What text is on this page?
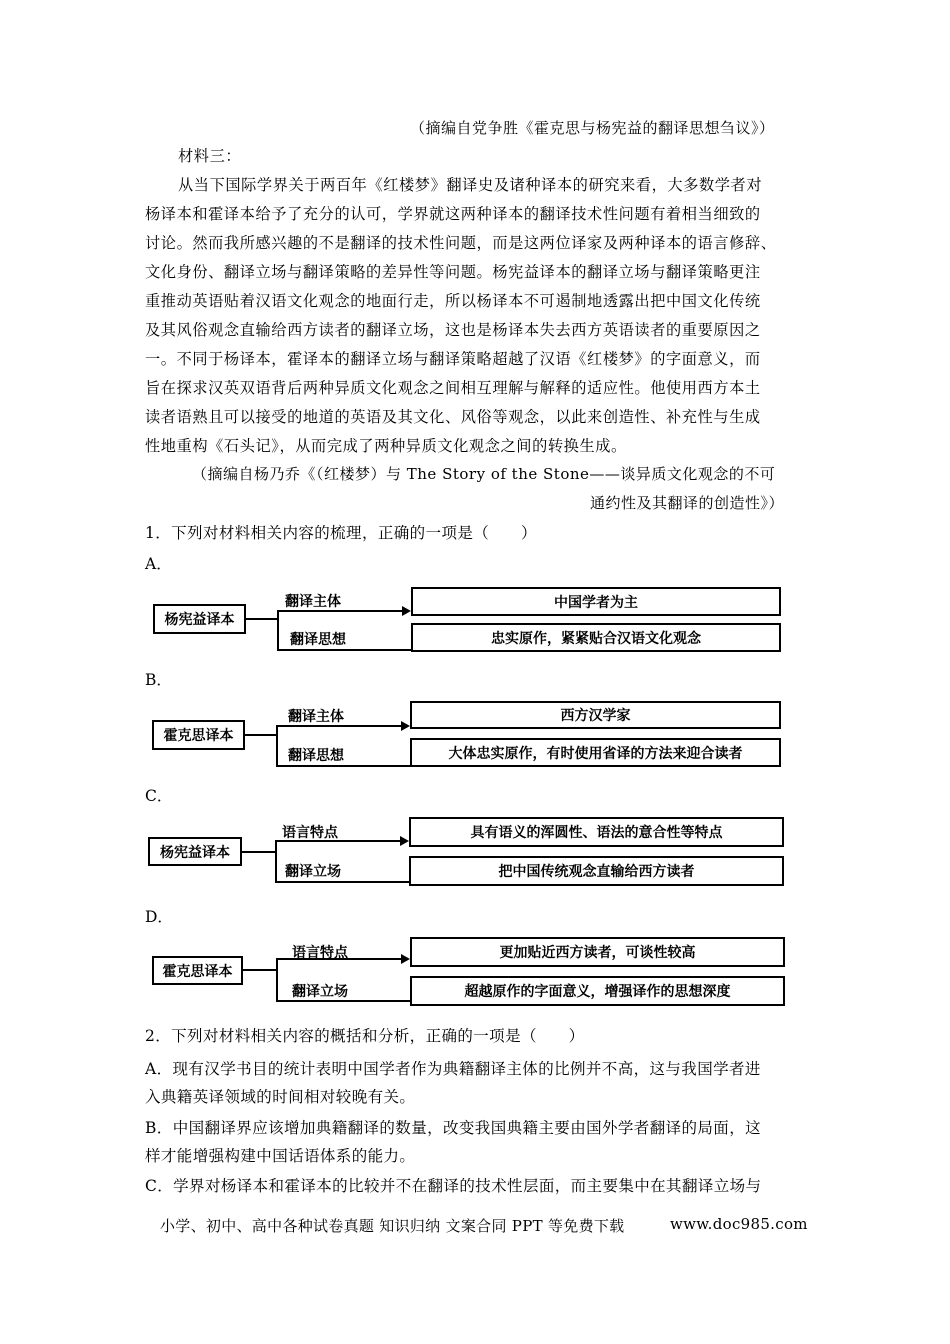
（摘编自党争胜《霍克思与杨宪益的翻译思想刍议》）
材料三：
从当下国际学界关于两百年《红楼梦》翻译史及诸种译本的研究来看，大多数学者对
杨译本和霍译本给予了充分的认可，学界就这两种译本的翻译技术性问题有着相当细致的
讨论。然而我所感兴趣的不是翻译的技术性问题，而是这两位译家及两种译本的语言修辞、
文化身份、翻译立场与翻译策略的差异性等问题。杨宪益译本的翻译立场与翻译策略更注
重推动英语贴着汉语文化观念的地面行走，所以杨译本不可遏制地透露出把中国文化传统
及其风俗观念直输给西方读者的翻译立场，这也是杨译本失去西方英语读者的重要原因之
一。不同于杨译本，霍译本的翻译立场与翻译策略超越了汉语《红楼梦》的字面意义，而
旨在探求汉英双语背后两种异质文化观念之间相互理解与解释的适应性。他使用西方本土
读者语熟且可以接受的地道的英语及其文化、风俗等观念，以此来创造性、补充性与生成
性地重构《石头记》，从而完成了两种异质文化观念之间的转换生成。
（摘编自杨乃乔《（红楼梦）与 The Story of the Stone——谈异质文化观念的不可
通约性及其翻译的创造性》）
1．下列对材料相关内容的梳理，正确的一项是（　　）
A．
杨宪益译本
翻译主体
翻译思想
中国学者为主
忠实原作，紧紧贴合汉语文化观念
B．
霍克思译本
翻译主体
翻译思想
西方汉学家
大体忠实原作，有时使用省译的方法来迎合读者
C．
杨宪益译本
语言特点
翻译立场
具有语义的浑圆性、语法的意合性等特点
把中国传统观念直输给西方读者
D．
霍克思译本
语言特点
翻译立场
更加贴近西方读者，可谈性较高
超越原作的字面意义，增强译作的思想深度
2．下列对材料相关内容的概括和分析，正确的一项是（　　）
A．现有汉学书目的统计表明中国学者作为典籍翻译主体的比例并不高，这与我国学者进
入典籍英译领域的时间相对较晚有关。
B．中国翻译界应该增加典籍翻译的数量，改变我国典籍主要由国外学者翻译的局面，这
样才能增强构建中国话语体系的能力。
C．学界对杨译本和霍译本的比较并不在翻译的技术性层面，而主要集中在其翻译立场与
小学、初中、高中各种试卷真题 知识归纳 文案合同 PPT 等免费下载	www.doc985.com
